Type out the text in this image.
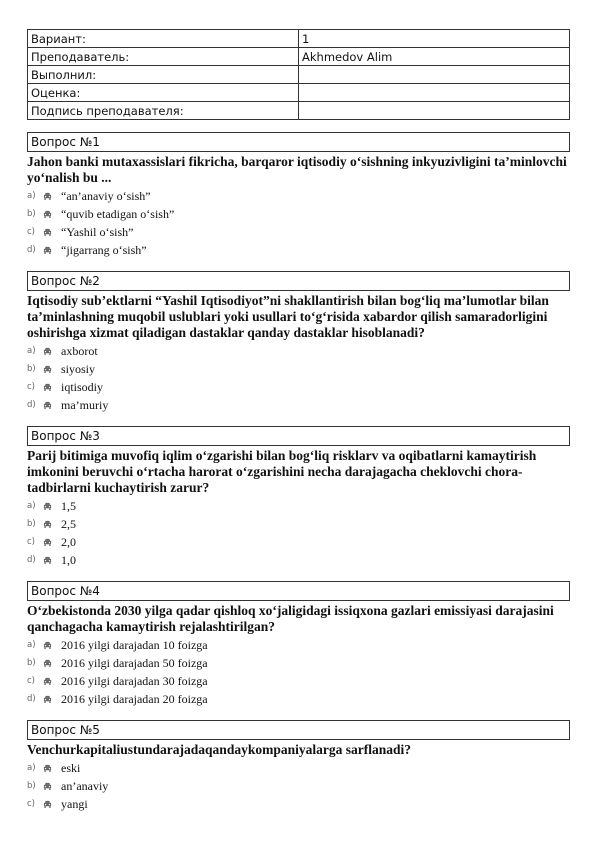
Вариант:	1
Преподаватель:	Akhmedov Alim
Выполнил:	
Оценка:	
Подпись преподавателя:	
Вопрос №1
Jahon banki mutaxassislari fikricha, barqaror iqtisodiy oʻsishning inkyuzivligini taʼminlovchi yoʻnalish bu ...
a)	“an’anaviy o‘sish”
b)	“quvib etadigan o‘sish”
c)	“Yashil o‘sish”
d)	“jigarrang o‘sish”
Вопрос №2
Iqtisodiy sub’ektlarni “Yashil Iqtisodiyot”ni shakllantirish bilan bog‘liq ma’lumotlar bilan ta’minlashning muqobil uslublari yoki usullari to‘g‘risida xabardor qilish samaradorligini oshirishga xizmat qiladigan dastaklar qanday dastaklar hisoblanadi?
a)	axborot
b)	siyosiy
c)	iqtisodiy
d)	ma’muriy
Вопрос №3
Parij bitimiga muvofiq iqlim oʻzgarishi bilan bogʻliq risklarv va oqibatlarni kamaytirish imkonini beruvchi oʻrtacha harorat oʻzgarishini necha darajagacha cheklovchi chora-tadbirlarni kuchaytirish zarur?
a)	1,5
b)	2,5
c)	2,0
d)	1,0
Вопрос №4
Oʻzbekistonda 2030 yilga qadar qishloq xoʻjaligidagi issiqxona gazlari emissiyasi darajasini qanchagacha kamaytirish rejalashtirilgan?
a)	2016 yilgi darajadan 10 foizga
b)	2016 yilgi darajadan 50 foizga
c)	2016 yilgi darajadan 30 foizga
d)	2016 yilgi darajadan 20 foizga
Вопрос №5
Venchurkapitaliustundarajadaqandaykompaniyalarga sarflanadi?
a)	eski
b)	an’anaviy
c)	yangi
